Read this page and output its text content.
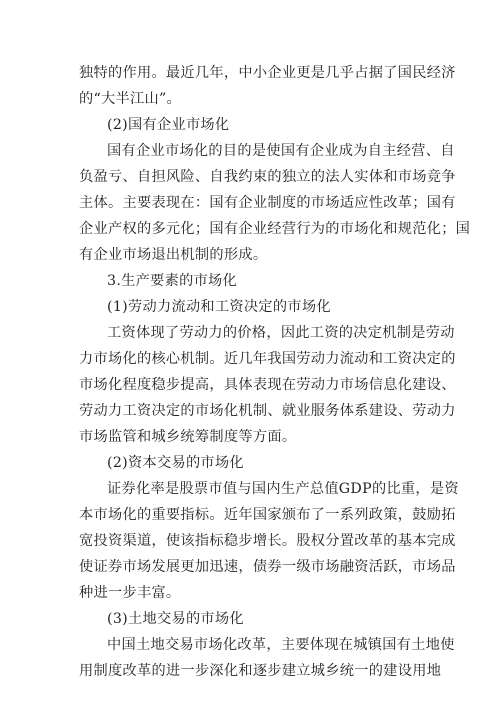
独特的作用。最近几年，中小企业更是几乎占据了国民经济
的“大半江山”。
(2)国有企业市场化
国有企业市场化的目的是使国有企业成为自主经营、自
负盈亏、自担风险、自我约束的独立的法人实体和市场竞争
主体。主要表现在：国有企业制度的市场适应性改革；国有
企业产权的多元化；国有企业经营行为的市场化和规范化；国
有企业市场退出机制的形成。
3.生产要素的市场化
(1)劳动力流动和工资决定的市场化
工资体现了劳动力的价格，因此工资的决定机制是劳动
力市场化的核心机制。近几年我国劳动力流动和工资决定的
市场化程度稳步提高，具体表现在劳动力市场信息化建设、
劳动力工资决定的市场化机制、就业服务体系建设、劳动力
市场监管和城乡统筹制度等方面。
(2)资本交易的市场化
证券化率是股票市值与国内生产总值GDP的比重，是资
本市场化的重要指标。近年国家颁布了一系列政策，鼓励拓
宽投资渠道，使该指标稳步增长。股权分置改革的基本完成
使证券市场发展更加迅速，债券一级市场融资活跃，市场品
种进一步丰富。
(3)土地交易的市场化
中国土地交易市场化改革，主要体现在城镇国有土地使
用制度改革的进一步深化和逐步建立城乡统一的建设用地
